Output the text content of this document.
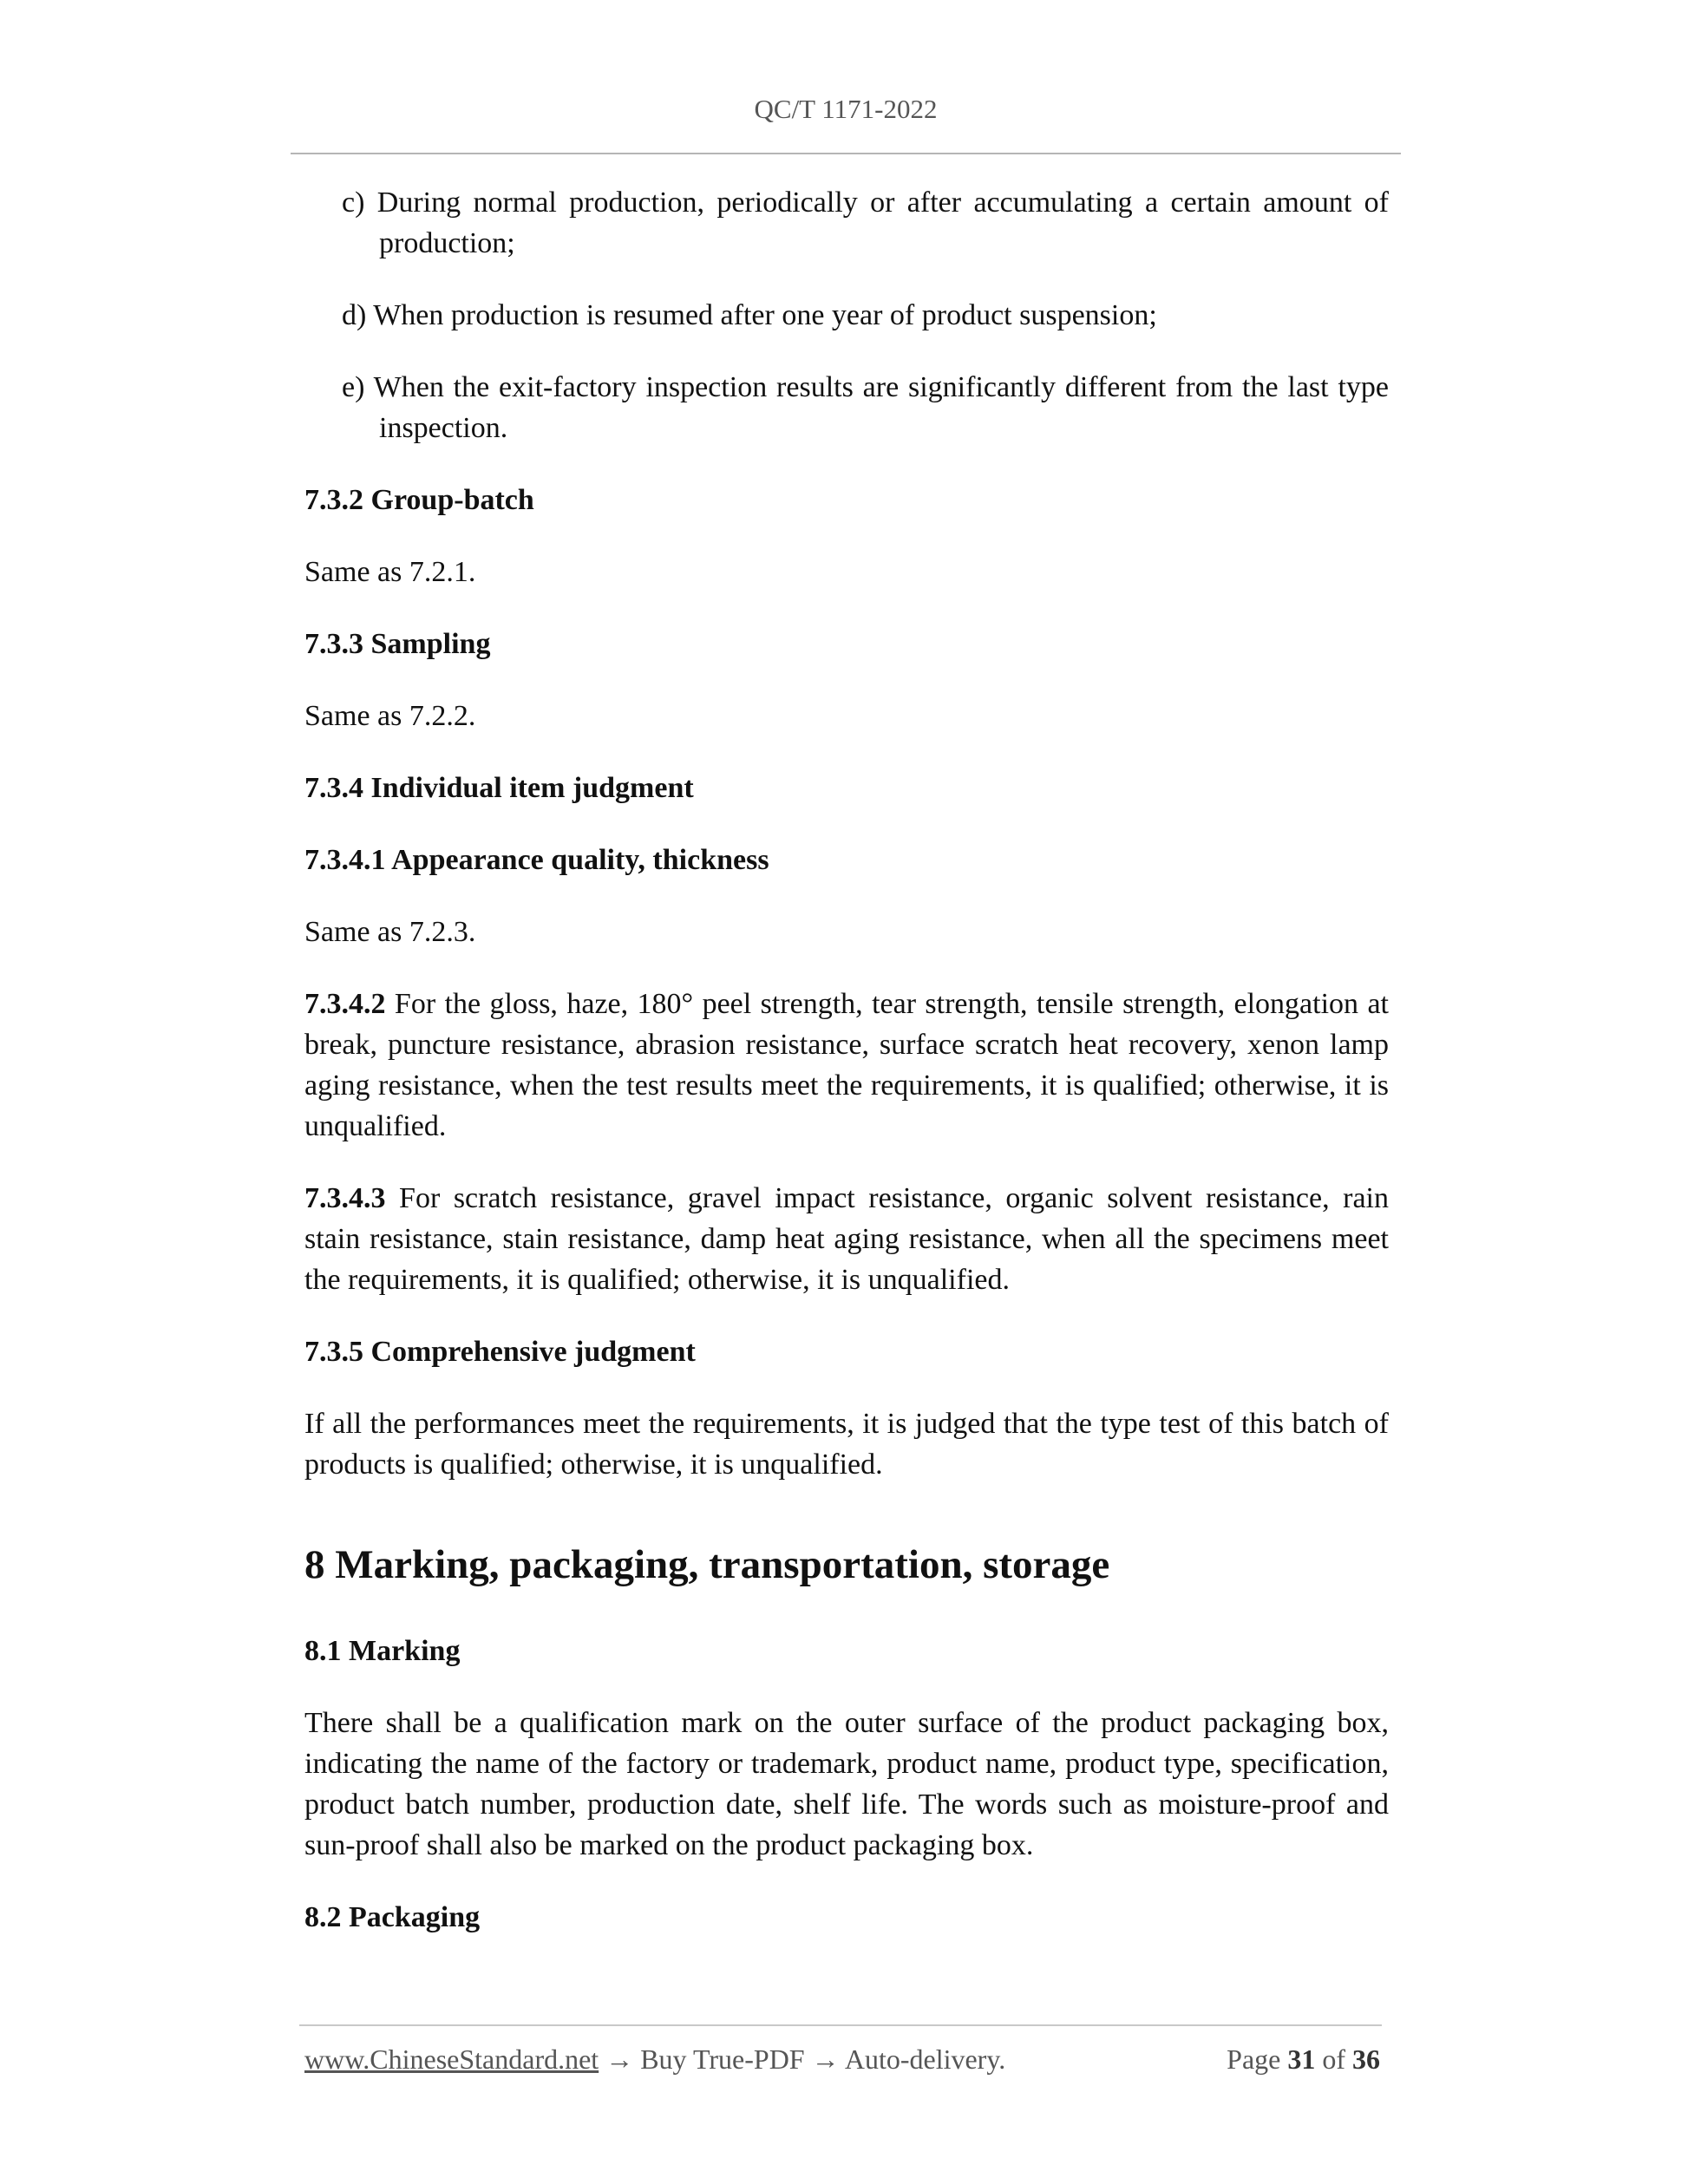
QC/T 1171-2022

c) During normal production, periodically or after accumulating a certain amount of production;

d) When production is resumed after one year of product suspension;

e) When the exit-factory inspection results are significantly different from the last type inspection.

7.3.2 Group-batch

Same as 7.2.1.

7.3.3 Sampling

Same as 7.2.2.

7.3.4 Individual item judgment

7.3.4.1 Appearance quality, thickness

Same as 7.2.3.

7.3.4.2 For the gloss, haze, 180° peel strength, tear strength, tensile strength, elongation at break, puncture resistance, abrasion resistance, surface scratch heat recovery, xenon lamp aging resistance, when the test results meet the requirements, it is qualified; otherwise, it is unqualified.

7.3.4.3 For scratch resistance, gravel impact resistance, organic solvent resistance, rain stain resistance, stain resistance, damp heat aging resistance, when all the specimens meet the requirements, it is qualified; otherwise, it is unqualified.

7.3.5 Comprehensive judgment

If all the performances meet the requirements, it is judged that the type test of this batch of products is qualified; otherwise, it is unqualified.

8 Marking, packaging, transportation, storage

8.1 Marking

There shall be a qualification mark on the outer surface of the product packaging box, indicating the name of the factory or trademark, product name, product type, specification, product batch number, production date, shelf life. The words such as moisture-proof and sun-proof shall also be marked on the product packaging box.

8.2 Packaging

www.ChineseStandard.net → Buy True-PDF → Auto-delivery.	Page 31 of 36
